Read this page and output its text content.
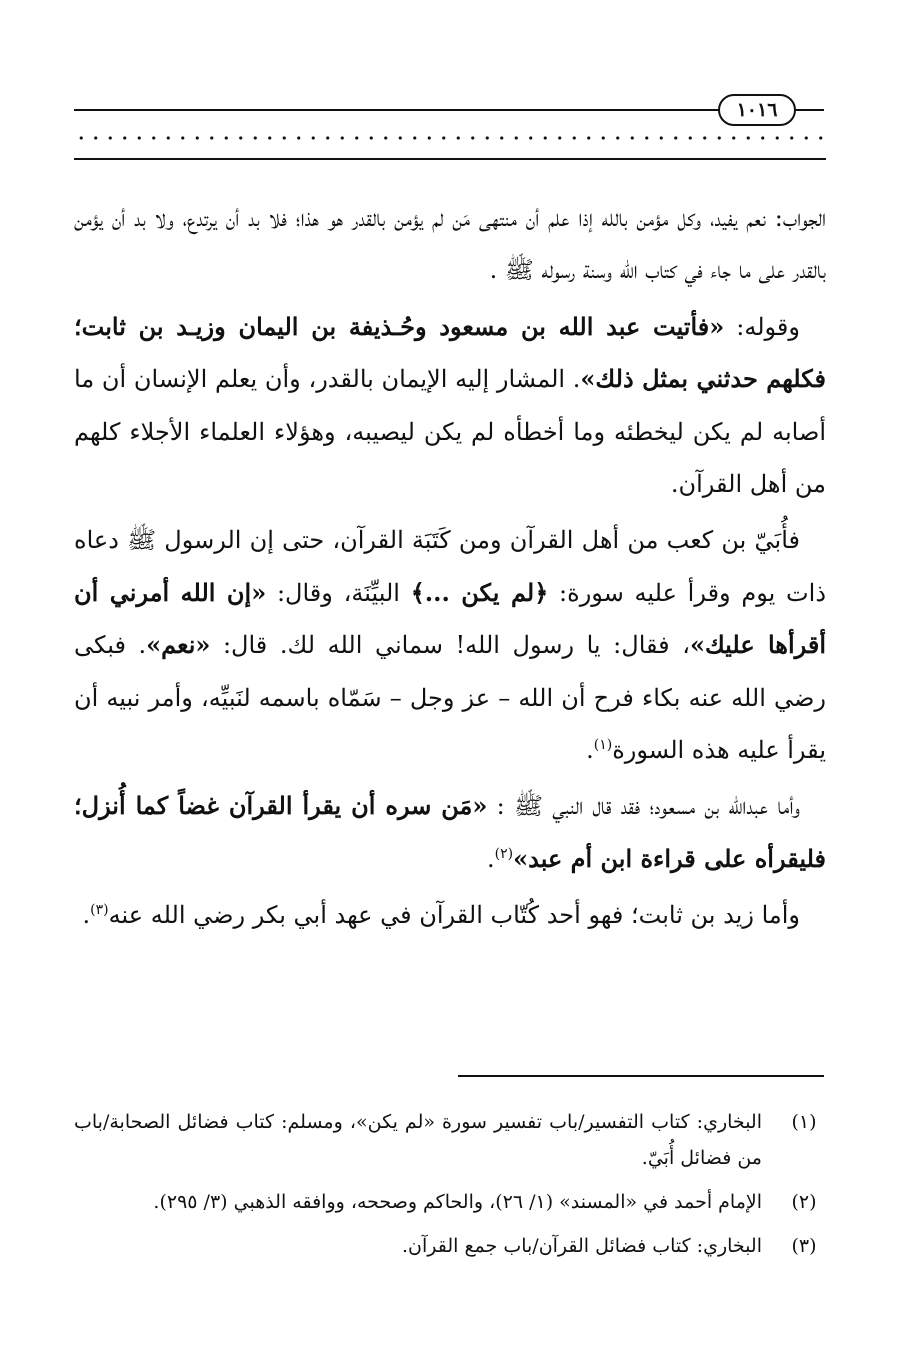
١٠١٦

الجواب: نعم يفيد، وكل مؤمن بالله إذا علم أن منتهى مَن لم يؤمن بالقدر هو هذا؛ فلا بد أن يرتدع، ولا بد أن يؤمن بالقدر على ما جاء في كتاب الله وسنة رسوله ﷺ .

وقوله: «فأتيت عبد الله بن مسعود وحُـذيفة بن اليمان وزيـد بن ثابت؛ فكلهم حدثني بمثل ذلك». المشار إليه الإيمان بالقدر، وأن يعلم الإنسان أن ما أصابه لم يكن ليخطئه وما أخطأه لم يكن ليصيبه، وهؤلاء العلماء الأجلاء كلهم من أهل القرآن.

فأُبَيّ بن كعب من أهل القرآن ومن كَتَبَة القرآن، حتى إن الرسول ﷺ دعاه ذات يوم وقرأ عليه سورة: ﴿لم يكن ...﴾ البيِّنَة، وقال: «إن الله أمرني أن أقرأها عليك»، فقال: يا رسول الله! سماني الله لك. قال: «نعم». فبكى رضي الله عنه بكاء فرح أن الله – عز وجل – سَمّاه باسمه لنَبيِّه، وأمر نبيه أن يقرأ عليه هذه السورة$^{(١)}$.

وأما عبدالله بن مسعود؛ فقد قال النبي ﷺ : «مَن سره أن يقرأ القرآن غضاً كما أُنزل؛ فليقرأه على قراءة ابن أم عبد»$^{(٢)}$.

وأما زيد بن ثابت؛ فهو أحد كُتّاب القرآن في عهد أبي بكر رضي الله عنه$^{(٣)}$.

(١)
البخاري: كتاب التفسير/باب تفسير سورة «لم يكن»، ومسلم: كتاب فضائل الصحابة/باب من فضائل أُبَيّ.
(٢)
الإمام أحمد في «المسند» (١/ ٢٦)، والحاكم وصححه، ووافقه الذهبي (٣/ ٢٩٥).
(٣)
البخاري: كتاب فضائل القرآن/باب جمع القرآن.
